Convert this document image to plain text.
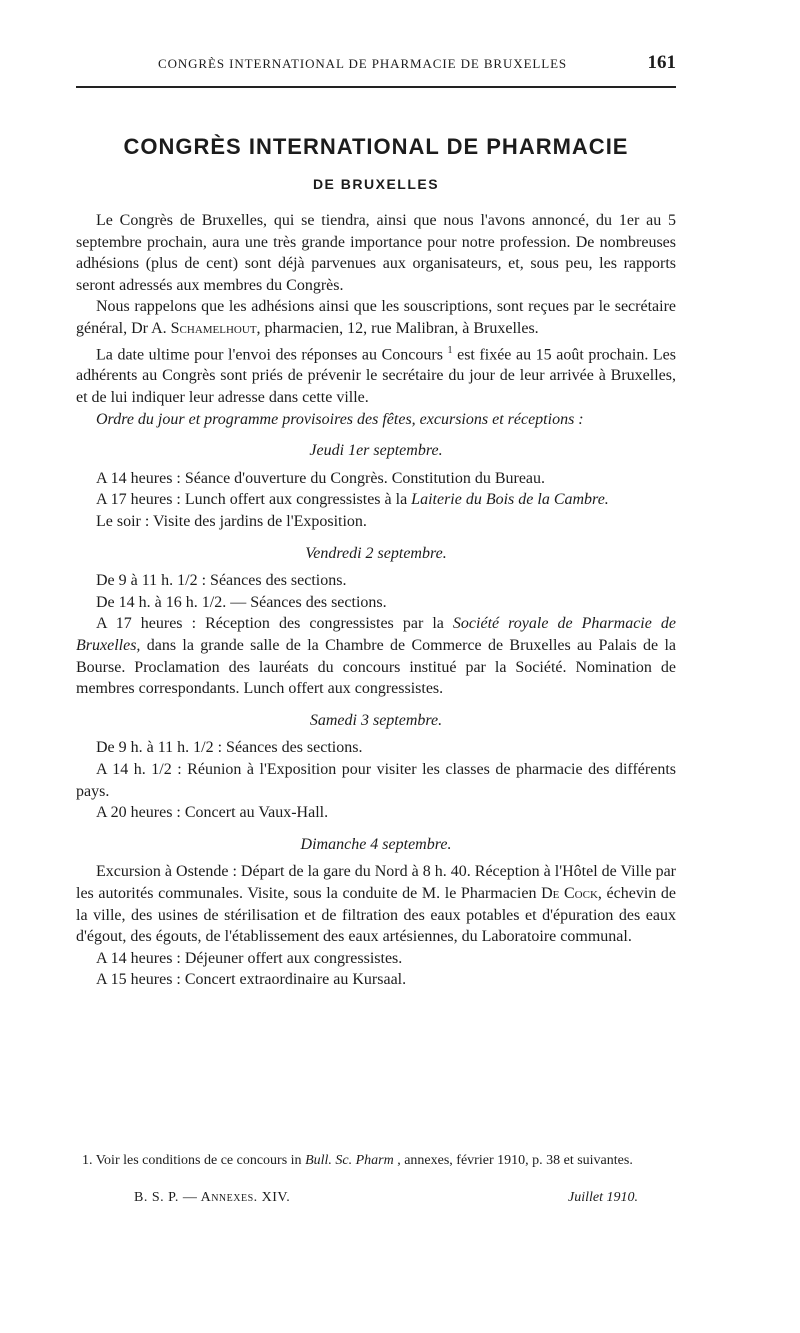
CONGRÈS INTERNATIONAL DE PHARMACIE DE BRUXELLES	161
CONGRÈS INTERNATIONAL DE PHARMACIE
DE BRUXELLES

Le Congrès de Bruxelles, qui se tiendra, ainsi que nous l'avons annoncé, du 1er au 5 septembre prochain, aura une très grande importance pour notre profession. De nombreuses adhésions (plus de cent) sont déjà parvenues aux organisateurs, et, sous peu, les rapports seront adressés aux membres du Congrès.

Nous rappelons que les adhésions ainsi que les souscriptions, sont reçues par le secrétaire général, Dr A. Schamelhout, pharmacien, 12, rue Malibran, à Bruxelles.

La date ultime pour l'envoi des réponses au Concours $^1$ est fixée au 15 août prochain. Les adhérents au Congrès sont priés de prévenir le secrétaire du jour de leur arrivée à Bruxelles, et de lui indiquer leur adresse dans cette ville.

Ordre du jour et programme provisoires des fêtes, excursions et réceptions :

Jeudi 1er septembre.

A 14 heures : Séance d'ouverture du Congrès. Constitution du Bureau.

A 17 heures : Lunch offert aux congressistes à la Laiterie du Bois de la Cambre.

Le soir : Visite des jardins de l'Exposition.

Vendredi 2 septembre.

De 9 à 11 h. 1/2 : Séances des sections.

De 14 h. à 16 h. 1/2. — Séances des sections.

A 17 heures : Réception des congressistes par la Société royale de Pharmacie de Bruxelles, dans la grande salle de la Chambre de Commerce de Bruxelles au Palais de la Bourse. Proclamation des lauréats du concours institué par la Société. Nomination de membres correspondants. Lunch offert aux congressistes.

Samedi 3 septembre.

De 9 h. à 11 h. 1/2 : Séances des sections.

A 14 h. 1/2 : Réunion à l'Exposition pour visiter les classes de pharmacie des différents pays.

A 20 heures : Concert au Vaux-Hall.

Dimanche 4 septembre.

Excursion à Ostende : Départ de la gare du Nord à 8 h. 40. Réception à l'Hôtel de Ville par les autorités communales. Visite, sous la conduite de M. le Pharmacien De Cock, échevin de la ville, des usines de stérilisation et de filtration des eaux potables et d'épuration des eaux d'égout, des égouts, de l'établissement des eaux artésiennes, du Laboratoire communal.

A 14 heures : Déjeuner offert aux congressistes.

A 15 heures : Concert extraordinaire au Kursaal.

1. Voir les conditions de ce concours in Bull. Sc. Pharm , annexes, février 1910, p. 38 et suivantes.
B. S. P. — Annexes. XIV.	Juillet 1910.
